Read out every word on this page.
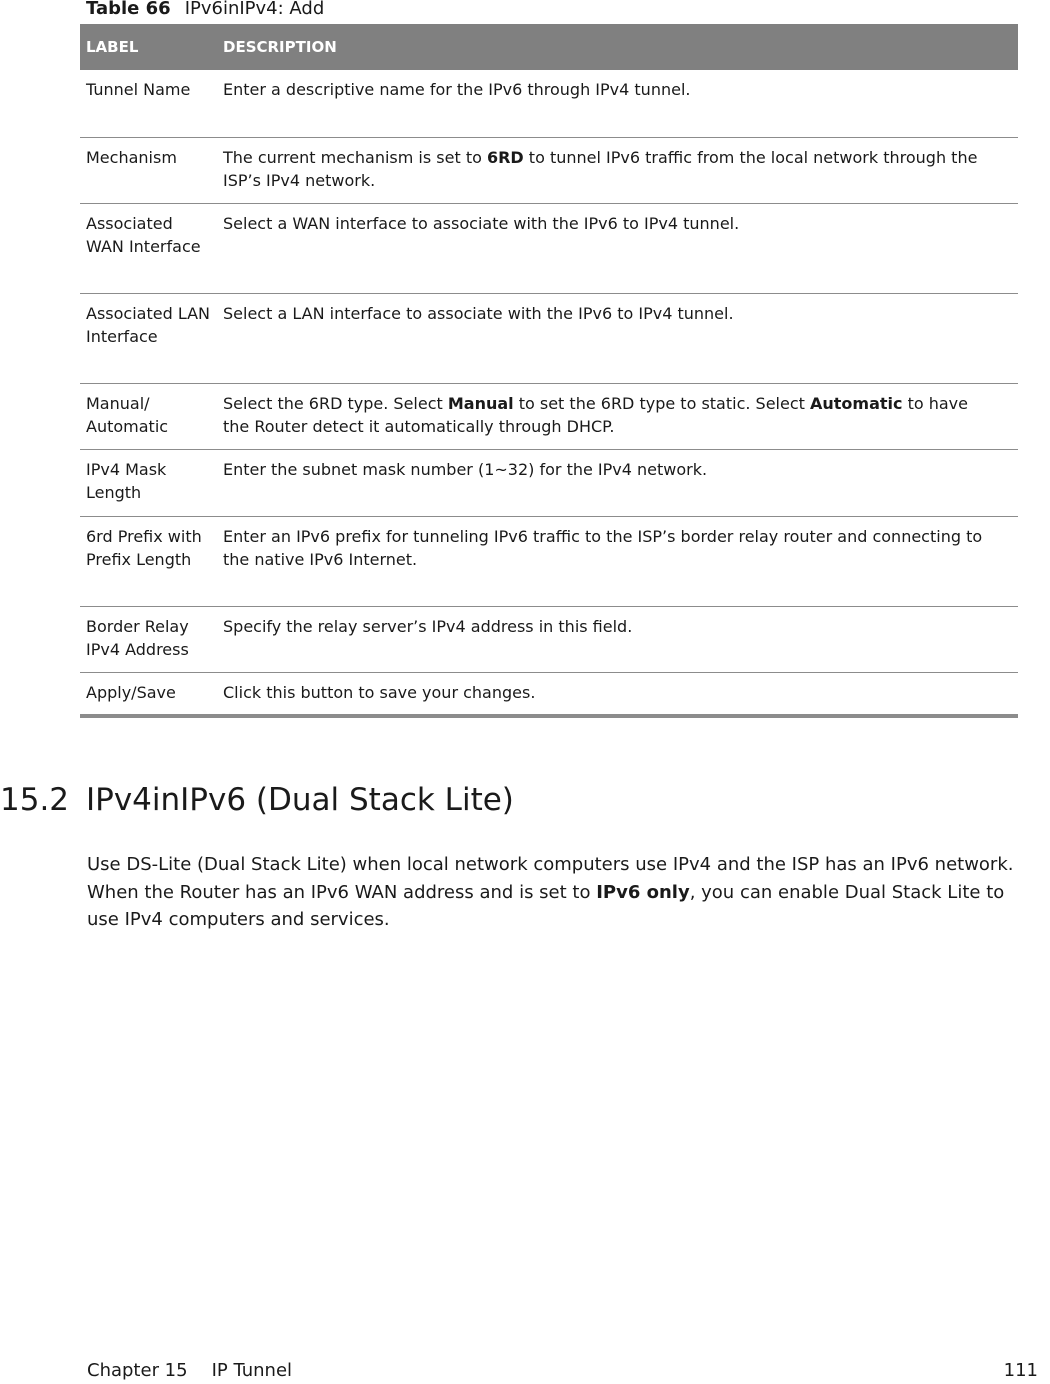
Table 66 IPv6inIPv4: Add
LABEL	DESCRIPTION
Tunnel Name	Enter a descriptive name for the IPv6 through IPv4 tunnel.
Mechanism	The current mechanism is set to 6RD to tunnel IPv6 traffic from the local network through the ISP’s IPv4 network.
Associated WAN Interface	Select a WAN interface to associate with the IPv6 to IPv4 tunnel.
Associated LAN Interface	Select a LAN interface to associate with the IPv6 to IPv4 tunnel.
Manual/ Automatic	Select the 6RD type. Select Manual to set the 6RD type to static. Select Automatic to have the Router detect it automatically through DHCP.
IPv4 Mask Length	Enter the subnet mask number (1~32) for the IPv4 network.
6rd Prefix with Prefix Length	Enter an IPv6 prefix for tunneling IPv6 traffic to the ISP’s border relay router and connecting to the native IPv6 Internet.
Border Relay IPv4 Address	Specify the relay server’s IPv4 address in this field.
Apply/Save	Click this button to save your changes.
15.2 IPv4inIPv6 (Dual Stack Lite)

Use DS-Lite (Dual Stack Lite) when local network computers use IPv4 and the ISP has an IPv6 network. When the Router has an IPv6 WAN address and is set to IPv6 only, you can enable Dual Stack Lite to use IPv4 computers and services.

Chapter 15 IP Tunnel	111
